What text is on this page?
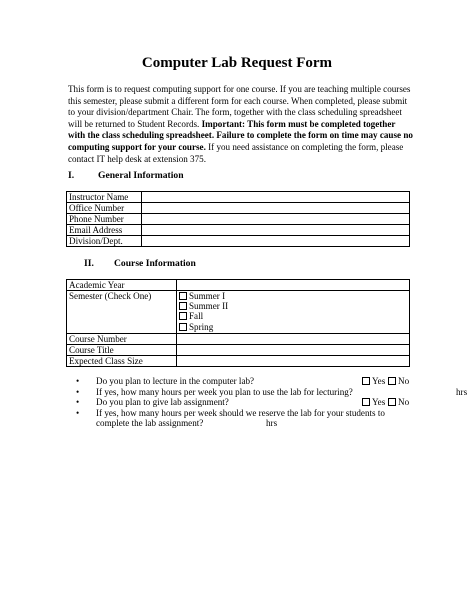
Computer Lab Request Form
This form is to request computing support for one course. If you are teaching multiple courses this semester, please submit a different form for each course. When completed, please submit to your division/department Chair. The form, together with the class scheduling spreadsheet will be returned to Student Records. Important: This form must be completed together with the class scheduling spreadsheet. Failure to complete the form on time may cause no computing support for your course. If you need assistance on completing the form, please contact IT help desk at extension 375.
I. General Information
Instructor Name	
Office Number	
Phone Number	
Email Address	
Division/Dept.	
II. Course Information
Academic Year	
Semester (Check One)	Summer I
Summer II
Fall
Spring

Course Number	
Course Title	
Expected Class Size	
• Do you plan to lecture in the computer lab?	Yes No
• If yes, how many hours per week you plan to use the lab for lecturing?	hrs
• Do you plan to give lab assignment?	Yes No
• If yes, how many hours per week should we reserve the lab for your students to
complete the lab assignment?	hrs
